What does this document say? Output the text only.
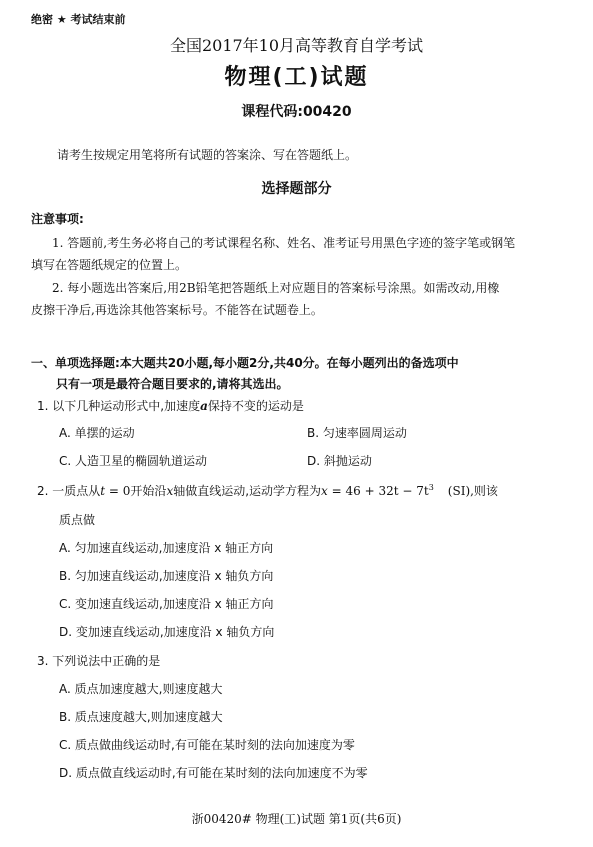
绝密 ★ 考试结束前
全国2017年10月高等教育自学考试
物理(工)试题
课程代码:00420
请考生按规定用笔将所有试题的答案涂、写在答题纸上。
选择题部分
注意事项:
1. 答题前,考生务必将自己的考试课程名称、姓名、准考证号用黑色字迹的签字笔或钢笔
填写在答题纸规定的位置上。
2. 每小题选出答案后,用2B铅笔把答题纸上对应题目的答案标号涂黑。如需改动,用橡
皮擦干净后,再选涂其他答案标号。不能答在试题卷上。
一、单项选择题:本大题共20小题,每小题2分,共40分。在每小题列出的备选项中
只有一项是最符合题目要求的,请将其选出。
1. 以下几种运动形式中,加速度a保持不变的运动是
A. 单摆的运动	B. 匀速率圆周运动
C. 人造卫星的椭圆轨道运动	D. 斜抛运动
2. 一质点从t = 0开始沿x轴做直线运动,运动学方程为$x = 46 + 32t - 7t^3$ (SI),则该
质点做
A. 匀加速直线运动,加速度沿 x 轴正方向
B. 匀加速直线运动,加速度沿 x 轴负方向
C. 变加速直线运动,加速度沿 x 轴正方向
D. 变加速直线运动,加速度沿 x 轴负方向
3. 下列说法中正确的是
A. 质点加速度越大,则速度越大
B. 质点速度越大,则加速度越大
C. 质点做曲线运动时,有可能在某时刻的法向加速度为零
D. 质点做直线运动时,有可能在某时刻的法向加速度不为零
浙00420# 物理(工)试题 第1页(共6页)
